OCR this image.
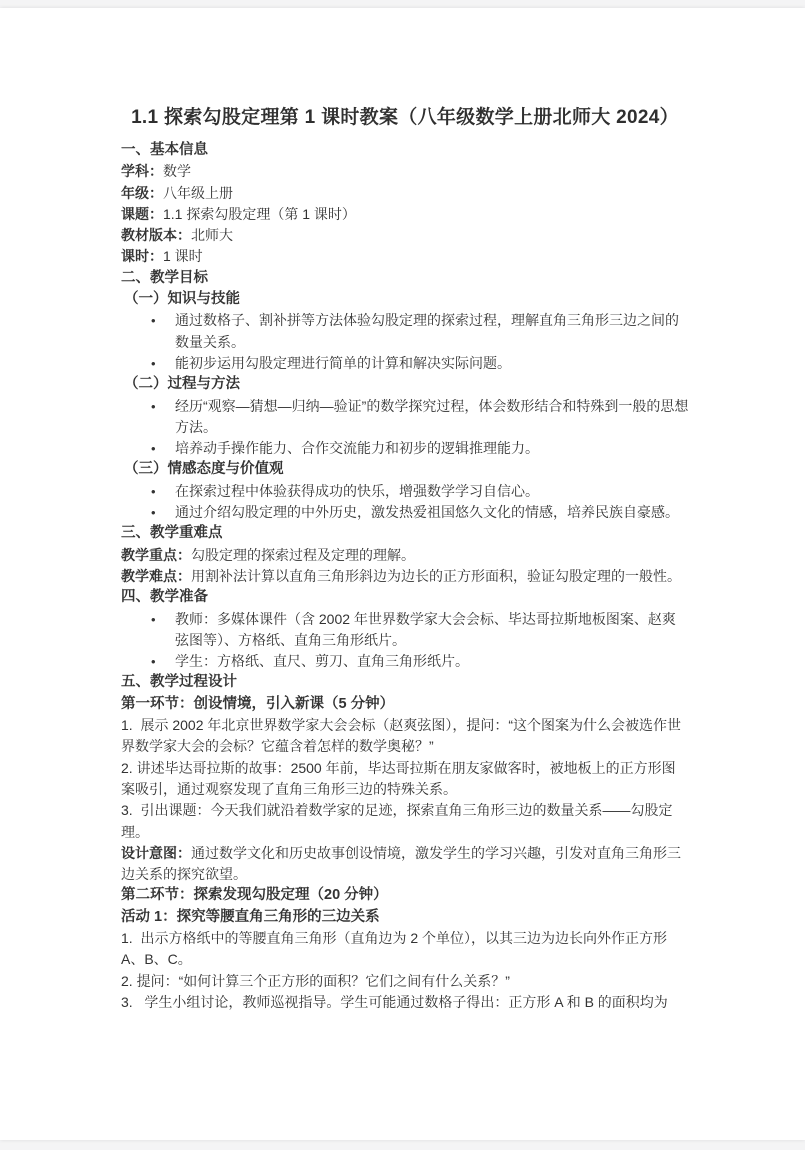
1.1 探索勾股定理第 1 课时教案（八年级数学上册北师大 2024）
一、基本信息
学科：数学
年级：八年级上册
课题：1.1 探索勾股定理（第 1 课时）
教材版本：北师大
课时：1 课时
二、教学目标
（一）知识与技能
•	通过数格子、割补拼等方法体验勾股定理的探索过程，理解直角三角形三边之间的数量关系。
•	能初步运用勾股定理进行简单的计算和解决实际问题。
（二）过程与方法
•	经历“观察—猜想—归纳—验证”的数学探究过程，体会数形结合和特殊到一般的思想方法。
•	培养动手操作能力、合作交流能力和初步的逻辑推理能力。
（三）情感态度与价值观
•	在探索过程中体验获得成功的快乐，增强数学学习自信心。
•	通过介绍勾股定理的中外历史，激发热爱祖国悠久文化的情感，培养民族自豪感。
三、教学重难点
教学重点：勾股定理的探索过程及定理的理解。
教学难点：用割补法计算以直角三角形斜边为边长的正方形面积，验证勾股定理的一般性。
四、教学准备
•	教师：多媒体课件（含 2002 年世界数学家大会会标、毕达哥拉斯地板图案、赵爽弦图等）、方格纸、直角三角形纸片。
•	学生：方格纸、直尺、剪刀、直角三角形纸片。
五、教学过程设计
第一环节：创设情境，引入新课（5 分钟）
1.  展示 2002 年北京世界数学家大会会标（赵爽弦图），提问：“这个图案为什么会被选作世界数学家大会的会标？它蕴含着怎样的数学奥秘？”
2. 讲述毕达哥拉斯的故事：2500 年前，毕达哥拉斯在朋友家做客时，被地板上的正方形图案吸引，通过观察发现了直角三角形三边的特殊关系。
3.  引出课题：今天我们就沿着数学家的足迹，探索直角三角形三边的数量关系——勾股定理。
设计意图：通过数学文化和历史故事创设情境，激发学生的学习兴趣，引发对直角三角形三边关系的探究欲望。
第二环节：探索发现勾股定理（20 分钟）
活动 1：探究等腰直角三角形的三边关系
1.  出示方格纸中的等腰直角三角形（直角边为 2 个单位），以其三边为边长向外作正方形 A、B、C。
2. 提问：“如何计算三个正方形的面积？它们之间有什么关系？”
3.   学生小组讨论，教师巡视指导。学生可能通过数格子得出：正方形 A 和 B 的面积均为
